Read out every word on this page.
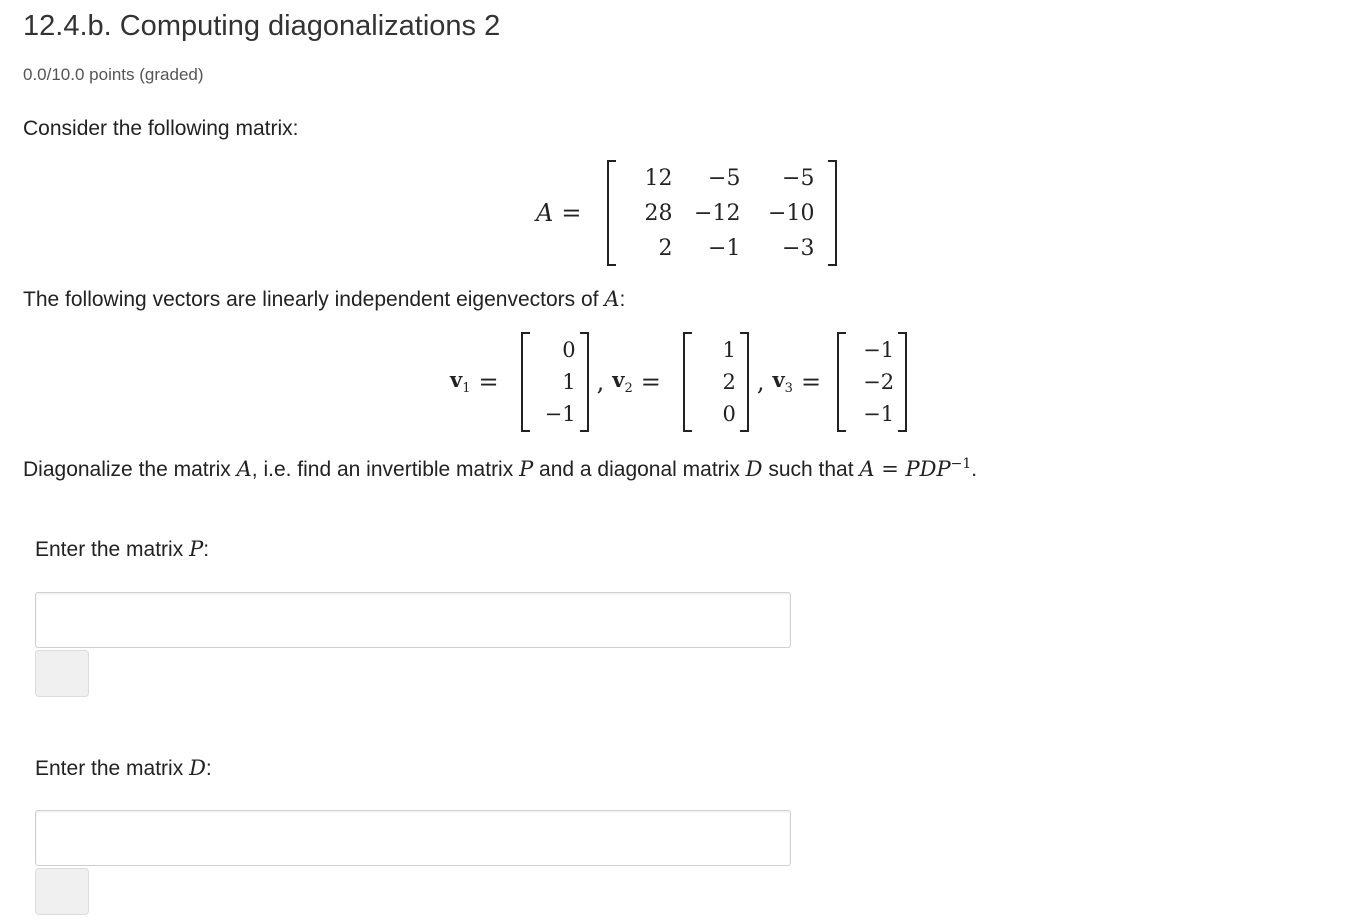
12.4.b. Computing diagonalizations 2
0.0/10.0 points (graded)
Consider the following matrix:
A =
12	−5	−5
28 −12	−10
2	−1	−3
The following vectors are linearly independent eigenvectors of A:
$v_1$ =
0
1
−1
, $v_2$ =
1
2
0
, $v_3$ =
−1
−2
−1
Diagonalize the matrix A, i.e. find an invertible matrix P and a diagonal matrix D such that $A = PDP^{-1}$.
Enter the matrix P:
Enter the matrix D:
